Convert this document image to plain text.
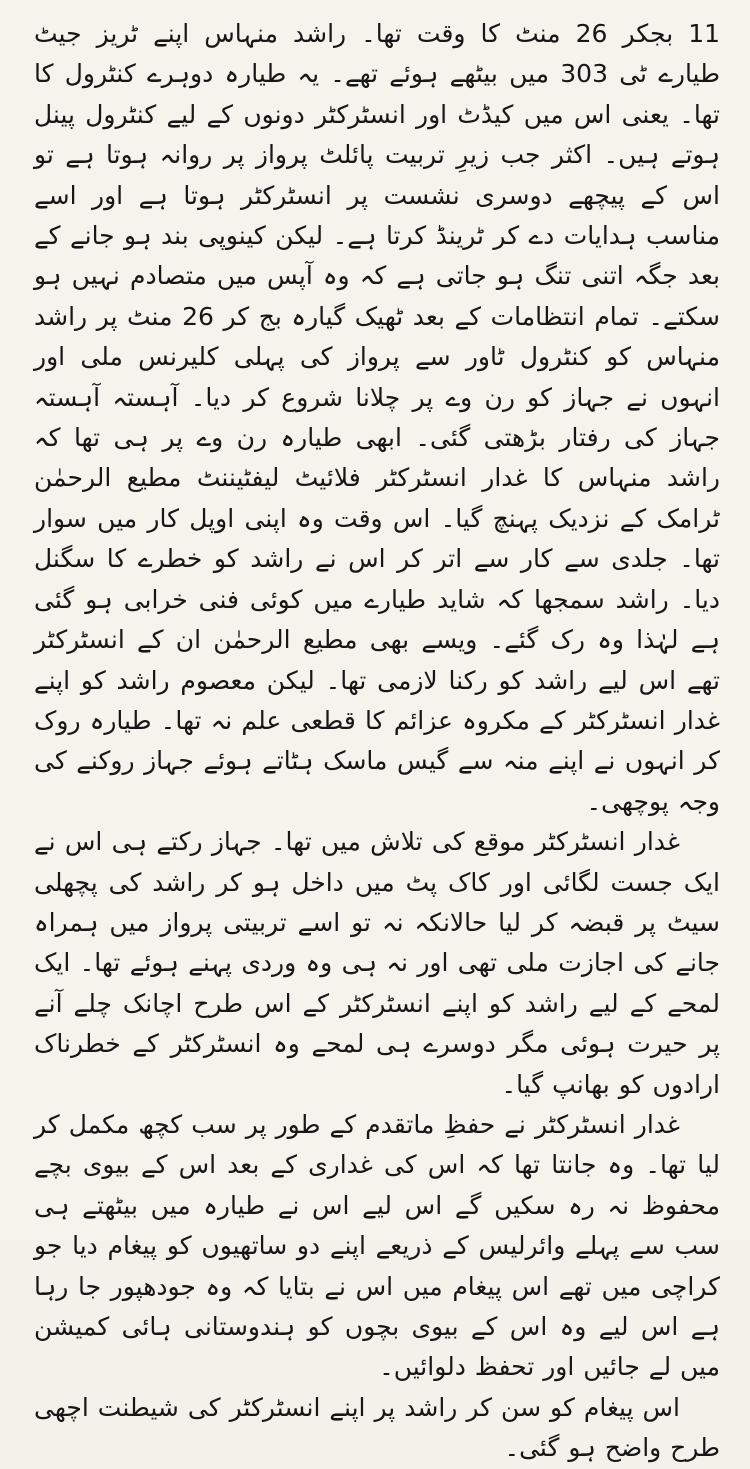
11 بجکر 26 منٹ کا وقت تھا۔ راشد منہاس اپنے ٹریز جیٹ طیارے ٹی 303 میں بیٹھے ہوئے تھے۔ یہ طیارہ دوہرے کنٹرول کا تھا۔ یعنی اس میں کیڈٹ اور انسٹرکٹر دونوں کے لیے کنٹرول پینل ہوتے ہیں۔ اکثر جب زیرِ تربیت پائلٹ پرواز پر روانہ ہوتا ہے تو اس کے پیچھے دوسری نشست پر انسٹرکٹر ہوتا ہے اور اسے مناسب ہدایات دے کر ٹرینڈ کرتا ہے۔ لیکن کینوپی بند ہو جانے کے بعد جگہ اتنی تنگ ہو جاتی ہے کہ وہ آپس میں متصادم نہیں ہو سکتے۔ تمام انتظامات کے بعد ٹھیک گیارہ بج کر 26 منٹ پر راشد منہاس کو کنٹرول ٹاور سے پرواز کی پہلی کلیرنس ملی اور انہوں نے جہاز کو رن وے پر چلانا شروع کر دیا۔ آہستہ آہستہ جہاز کی رفتار بڑھتی گئی۔ ابھی طیارہ رن وے پر ہی تھا کہ راشد منہاس کا غدار انسٹرکٹر فلائیٹ لیفٹیننٹ مطیع الرحمٰن ٹرامک کے نزدیک پہنچ گیا۔ اس وقت وہ اپنی اوپل کار میں سوار تھا۔ جلدی سے کار سے اتر کر اس نے راشد کو خطرے کا سگنل دیا۔ راشد سمجھا کہ شاید طیارے میں کوئی فنی خرابی ہو گئی ہے لہٰذا وہ رک گئے۔ ویسے بھی مطیع الرحمٰن ان کے انسٹرکٹر تھے اس لیے راشد کو رکنا لازمی تھا۔ لیکن معصوم راشد کو اپنے غدار انسٹرکٹر کے مکروہ عزائم کا قطعی علم نہ تھا۔ طیارہ روک کر انہوں نے اپنے منہ سے گیس ماسک ہٹاتے ہوئے جہاز روکنے کی وجہ پوچھی۔

غدار انسٹرکٹر موقع کی تلاش میں تھا۔ جہاز رکتے ہی اس نے ایک جست لگائی اور کاک پٹ میں داخل ہو کر راشد کی پچھلی سیٹ پر قبضہ کر لیا حالانکہ نہ تو اسے تربیتی پرواز میں ہمراہ جانے کی اجازت ملی تھی اور نہ ہی وہ وردی پہنے ہوئے تھا۔ ایک لمحے کے لیے راشد کو اپنے انسٹرکٹر کے اس طرح اچانک چلے آنے پر حیرت ہوئی مگر دوسرے ہی لمحے وہ انسٹرکٹر کے خطرناک ارادوں کو بھانپ گیا۔

غدار انسٹرکٹر نے حفظِ ماتقدم کے طور پر سب کچھ مکمل کر لیا تھا۔ وہ جانتا تھا کہ اس کی غداری کے بعد اس کے بیوی بچے محفوظ نہ رہ سکیں گے اس لیے اس نے طیارہ میں بیٹھتے ہی سب سے پہلے وائرلیس کے ذریعے اپنے دو ساتھیوں کو پیغام دیا جو کراچی میں تھے اس پیغام میں اس نے بتایا کہ وہ جودھپور جا رہا ہے اس لیے وہ اس کے بیوی بچوں کو ہندوستانی ہائی کمیشن میں لے جائیں اور تحفظ دلوائیں۔

اس پیغام کو سن کر راشد پر اپنے انسٹرکٹر کی شیطنت اچھی طرح واضح ہو گئی۔
